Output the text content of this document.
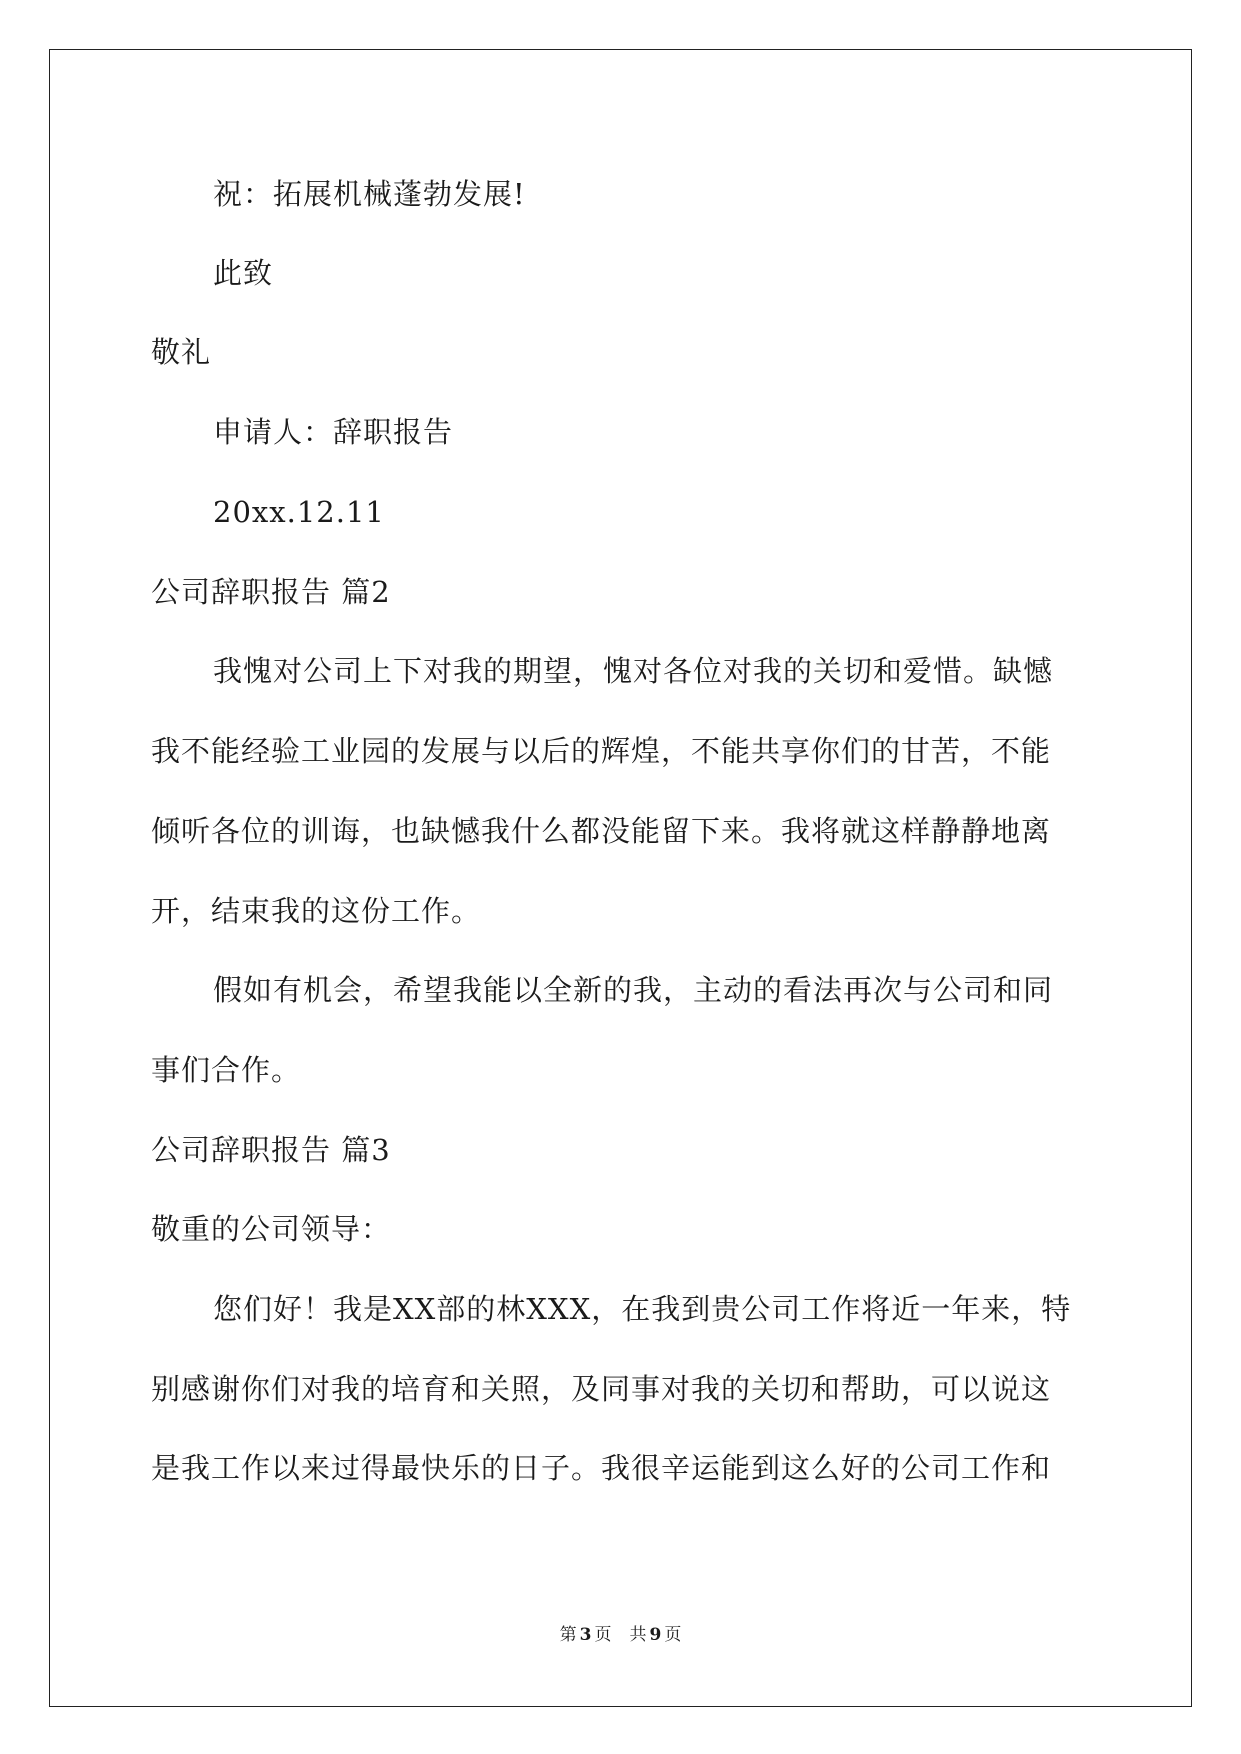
祝：拓展机械蓬勃发展!
此致
敬礼
申请人：辞职报告
20xx.12.11
公司辞职报告 篇2
我愧对公司上下对我的期望，愧对各位对我的关切和爱惜。缺憾
我不能经验工业园的发展与以后的辉煌，不能共享你们的甘苦，不能
倾听各位的训诲，也缺憾我什么都没能留下来。我将就这样静静地离
开，结束我的这份工作。
假如有机会，希望我能以全新的我，主动的看法再次与公司和同
事们合作。
公司辞职报告 篇3
敬重的公司领导：
您们好！我是XX部的林XXX，在我到贵公司工作将近一年来，特
别感谢你们对我的培育和关照，及同事对我的关切和帮助，可以说这
是我工作以来过得最快乐的日子。我很辛运能到这么好的公司工作和
第 3 页 共 9 页
